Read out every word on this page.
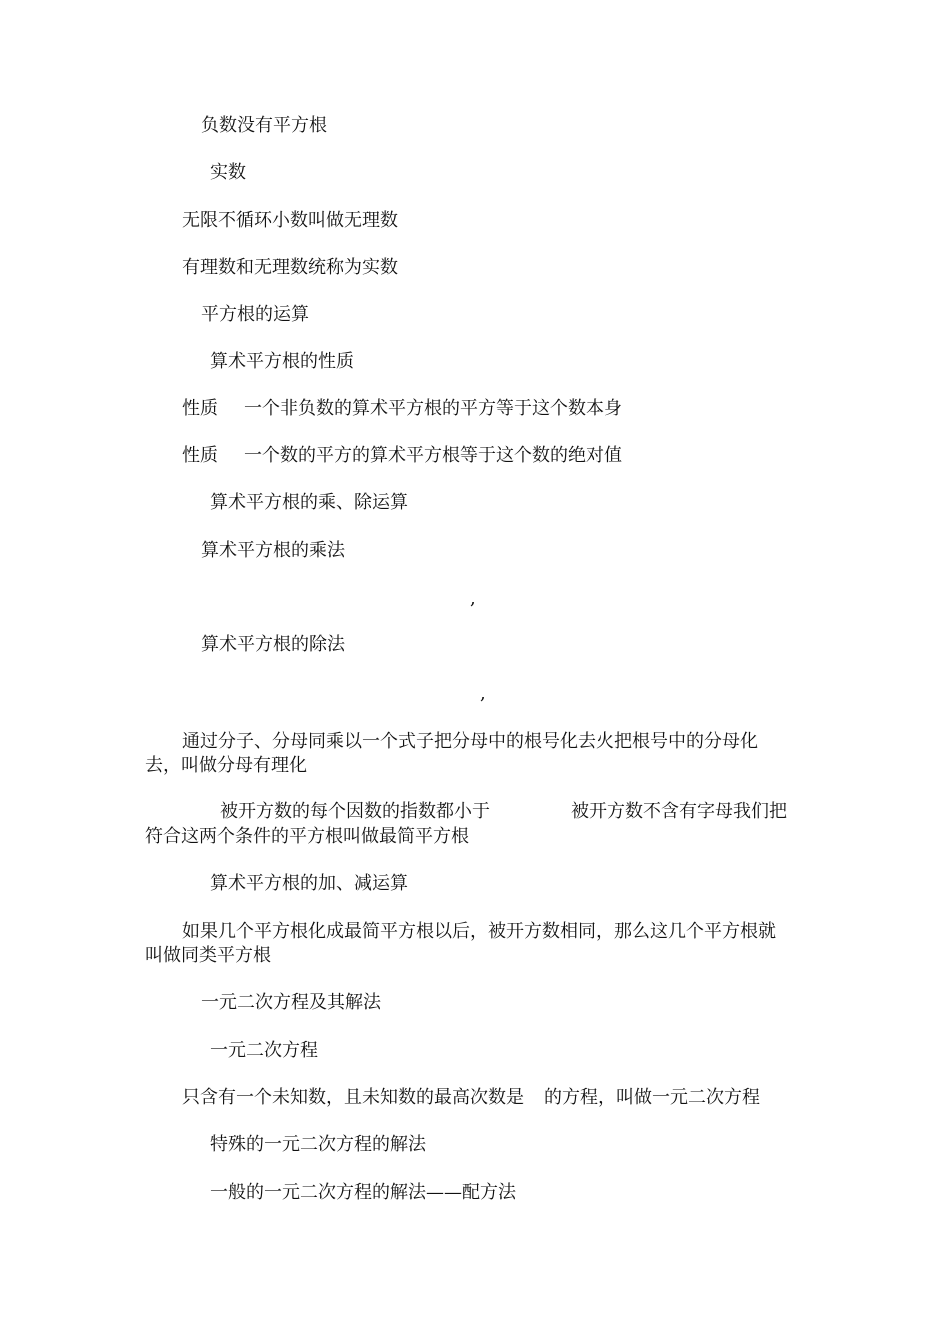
负数没有平方根
实数
无限不循环小数叫做无理数
有理数和无理数统称为实数
平方根的运算
算术平方根的性质
性质 一个非负数的算术平方根的平方等于这个数本身
性质 一个数的平方的算术平方根等于这个数的绝对值
算术平方根的乘、除运算
算术平方根的乘法
,
算术平方根的除法
,
通过分子、分母同乘以一个式子把分母中的根号化去火把根号中的分母化
去，叫做分母有理化
被开方数的每个因数的指数都小于	被开方数不含有字母我们把
符合这两个条件的平方根叫做最简平方根
算术平方根的加、减运算
如果几个平方根化成最简平方根以后，被开方数相同，那么这几个平方根就
叫做同类平方根
一元二次方程及其解法
一元二次方程
只含有一个未知数，且未知数的最高次数是 的方程，叫做一元二次方程
特殊的一元二次方程的解法
一般的一元二次方程的解法——配方法
